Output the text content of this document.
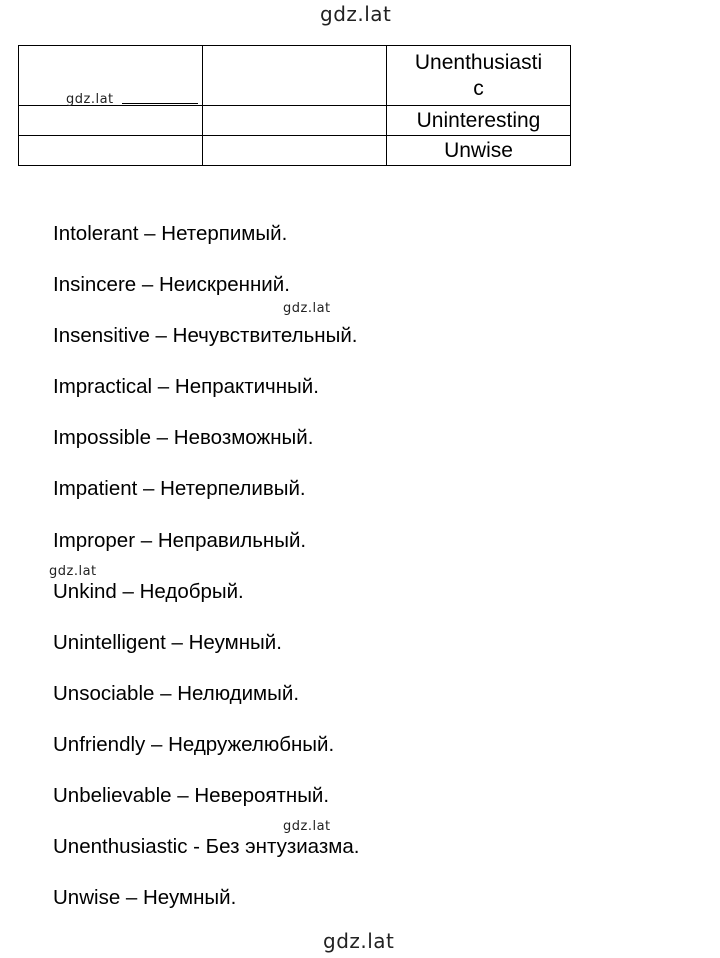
gdz.lat
		Unenthusiasti
c
		Uninteresting
		Unwise
gdz.lat
gdz.lat
gdz.lat
gdz.lat
Intolerant – Нетерпимый.
Insincere – Неискренний.
Insensitive – Нечувствительный.
Impractical – Непрактичный.
Impossible – Невозможный.
Impatient – Нетерпеливый.
Improper – Неправильный.
Unkind – Недобрый.
Unintelligent – Неумный.
Unsociable – Нелюдимый.
Unfriendly – Недружелюбный.
Unbelievable – Невероятный.
Unenthusiastic - Без энтузиазма.
Unwise – Неумный.
gdz.lat
